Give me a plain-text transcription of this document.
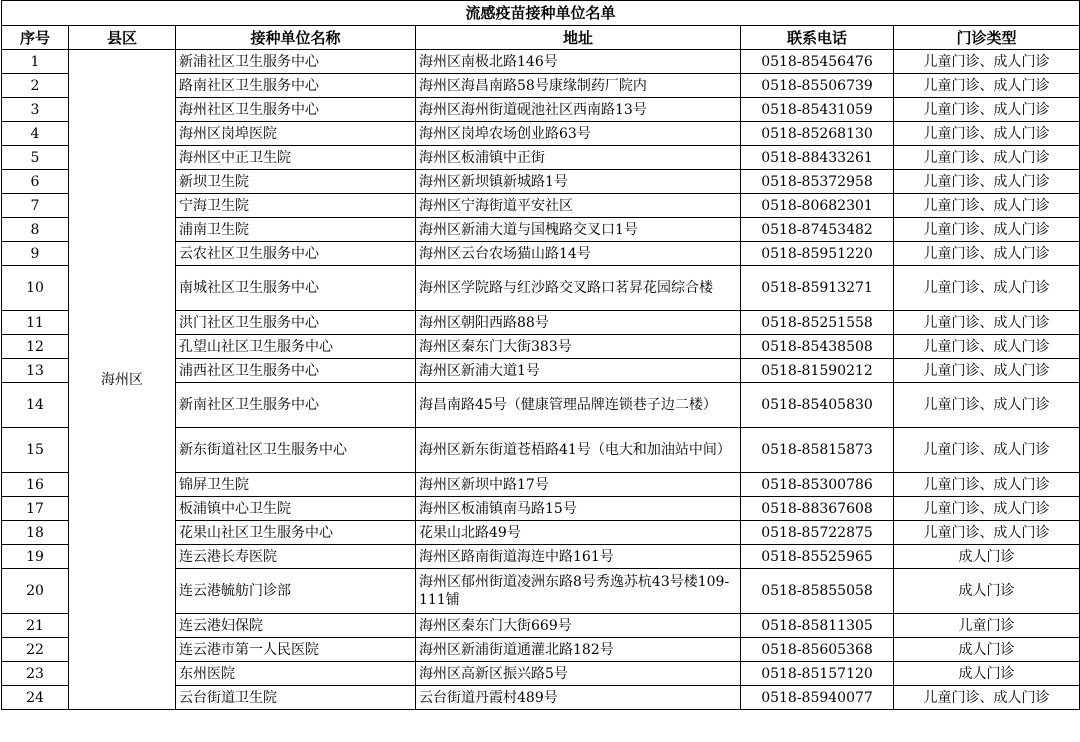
流感疫苗接种单位名单					
序号	县区	接种单位名称	地址	联系电话	门诊类型
1	海州区	新浦社区卫生服务中心	海州区南极北路146号	0518-85456476	儿童门诊、成人门诊
2		路南社区卫生服务中心	海州区海昌南路58号康缘制药厂院内	0518-85506739	儿童门诊、成人门诊
3		海州社区卫生服务中心	海州区海州街道砚池社区西南路13号	0518-85431059	儿童门诊、成人门诊
4		海州区岗埠医院	海州区岗埠农场创业路63号	0518-85268130	儿童门诊、成人门诊
5		海州区中正卫生院	海州区板浦镇中正街	0518-88433261	儿童门诊、成人门诊
6		新坝卫生院	海州区新坝镇新城路1号	0518-85372958	儿童门诊、成人门诊
7		宁海卫生院	海州区宁海街道平安社区	0518-80682301	儿童门诊、成人门诊
8		浦南卫生院	海州区新浦大道与国槐路交叉口1号	0518-87453482	儿童门诊、成人门诊
9		云农社区卫生服务中心	海州区云台农场猫山路14号	0518-85951220	儿童门诊、成人门诊
10		南城社区卫生服务中心	海州区学院路与红沙路交叉路口茗昇花园综合楼	0518-85913271	儿童门诊、成人门诊
11		洪门社区卫生服务中心	海州区朝阳西路88号	0518-85251558	儿童门诊、成人门诊
12		孔望山社区卫生服务中心	海州区秦东门大街383号	0518-85438508	儿童门诊、成人门诊
13		浦西社区卫生服务中心	海州区新浦大道1号	0518-81590212	儿童门诊、成人门诊
14		新南社区卫生服务中心	海昌南路45号（健康管理品牌连锁巷子边二楼）	0518-85405830	儿童门诊、成人门诊
15		新东街道社区卫生服务中心	海州区新东街道苍梧路41号（电大和加油站中间）	0518-85815873	儿童门诊、成人门诊
16		锦屏卫生院	海州区新坝中路17号	0518-85300786	儿童门诊、成人门诊
17		板浦镇中心卫生院	海州区板浦镇南马路15号	0518-88367608	儿童门诊、成人门诊
18		花果山社区卫生服务中心	花果山北路49号	0518-85722875	儿童门诊、成人门诊
19		连云港长寿医院	海州区路南街道海连中路161号	0518-85525965	成人门诊
20		连云港毓舫门诊部	海州区郁州街道凌洲东路8号秀逸苏杭43号楼109-111铺	0518-85855058	成人门诊
21		连云港妇保院	海州区秦东门大街669号	0518-85811305	儿童门诊
22		连云港市第一人民医院	海州区新浦街道通灌北路182号	0518-85605368	成人门诊
23		东州医院	海州区高新区振兴路5号	0518-85157120	成人门诊
24		云台街道卫生院	云台街道丹霞村489号	0518-85940077	儿童门诊、成人门诊
